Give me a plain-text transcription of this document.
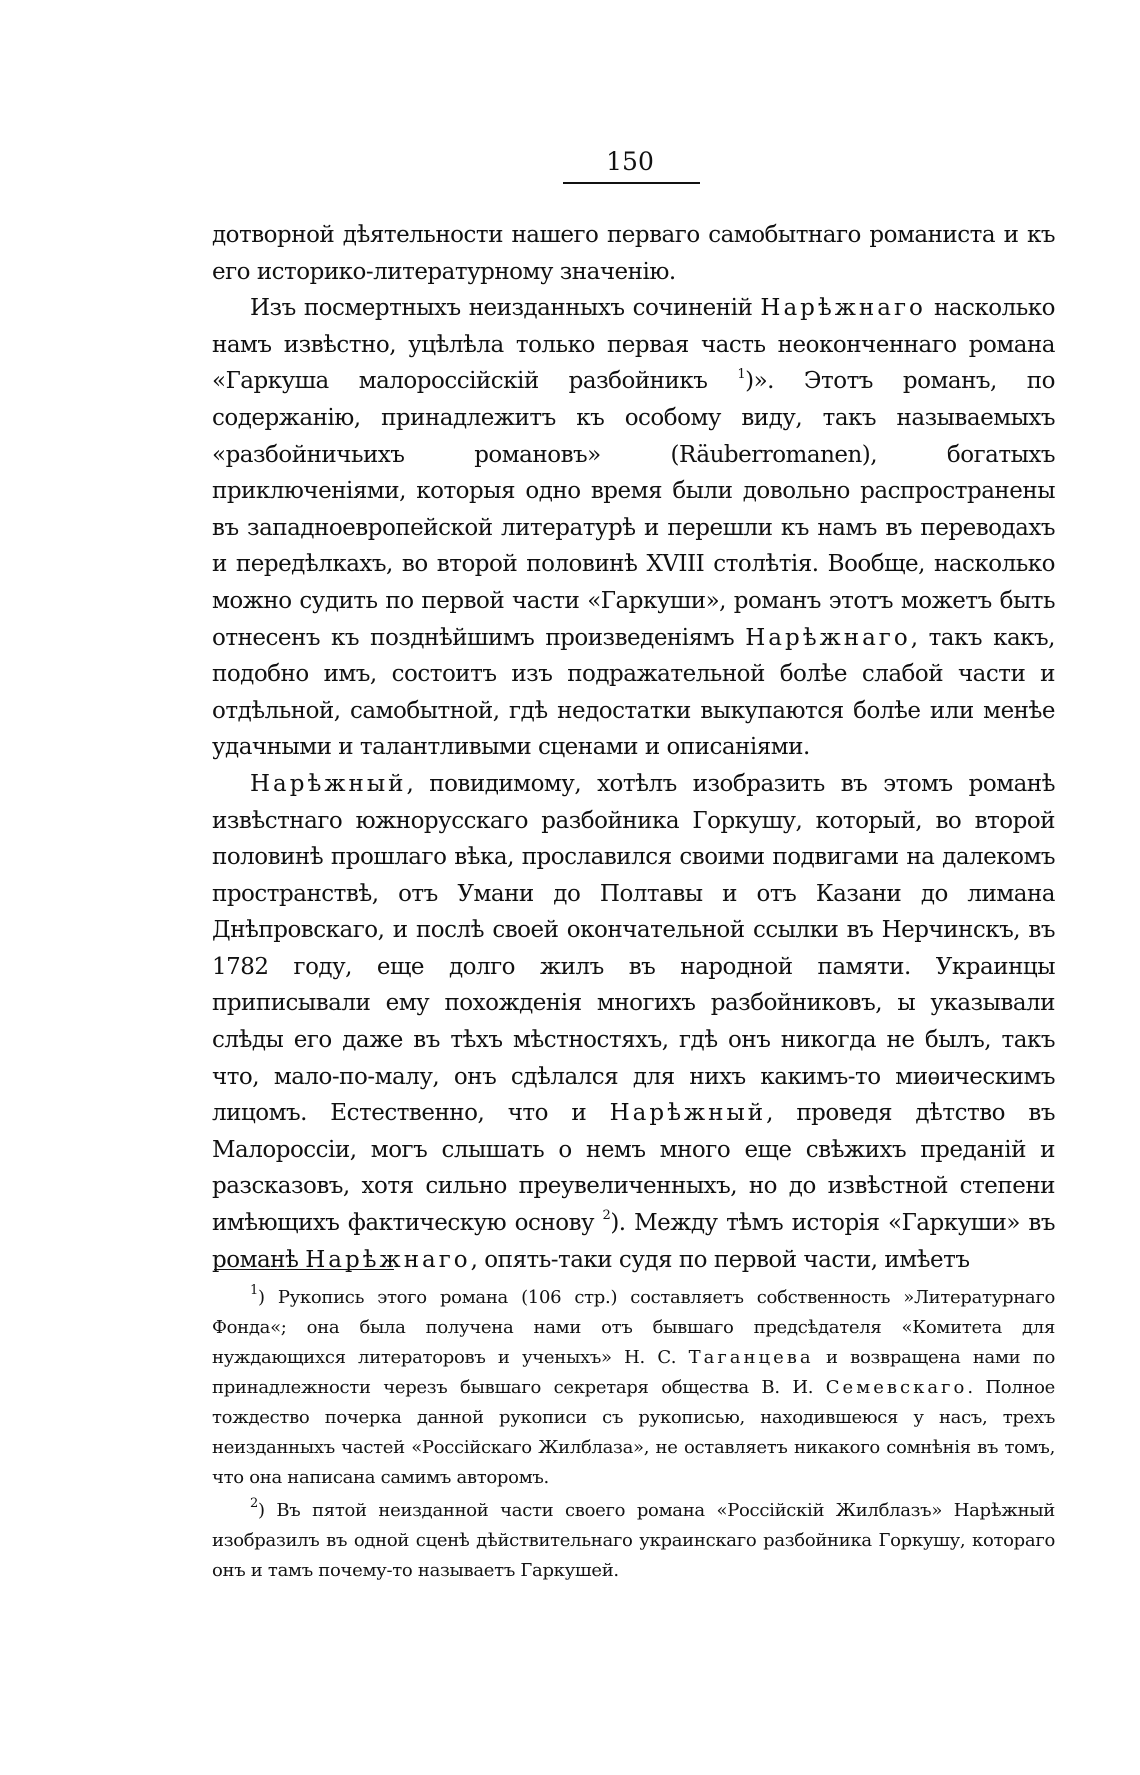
150

дотворной дѣятельности нашего перваго самобытнаго романиста и къ его историко-литературному значенію.

Изъ посмертныхъ неизданныхъ сочиненій Нарѣжнаго насколько намъ извѣстно, уцѣлѣла только первая часть неоконченнаго романа «Гаркуша малороссійскій разбойникъ $^1$)». Этотъ романъ, по содержанію, принадлежитъ къ особому виду, такъ называемыхъ «разбойничьихъ романовъ» (Räuberromanen), богатыхъ приключеніями, которыя одно время были довольно распространены въ западноевропейской литературѣ и перешли къ намъ въ переводахъ и передѣлкахъ, во второй половинѣ XVIII столѣтія. Вообще, насколько можно судить по первой части «Гаркуши», романъ этотъ можетъ быть отнесенъ къ позднѣйшимъ произведеніямъ Нарѣжнаго, такъ какъ, подобно имъ, состоитъ изъ подражательной болѣе слабой части и отдѣльной, самобытной, гдѣ недостатки выкупаются болѣе или менѣе удачными и талантливыми сценами и описаніями.

Нарѣжный, повидимому, хотѣлъ изобразить въ этомъ романѣ извѣстнаго южнорусскаго разбойника Горкушу, который, во второй половинѣ прошлаго вѣка, прославился своими подвигами на далекомъ пространствѣ, отъ Умани до Полтавы и отъ Казани до лимана Днѣпровскаго, и послѣ своей окончательной ссылки въ Нерчинскъ, въ 1782 году, еще долго жилъ въ народной памяти. Украинцы приписывали ему похожденія многихъ разбойниковъ, ы указывали слѣды его даже въ тѣхъ мѣстностяхъ, гдѣ онъ никогда не былъ, такъ что, мало-по-малу, онъ сдѣлался для нихъ какимъ-то миѳическимъ лицомъ. Естественно, что и Нарѣжный, проведя дѣтство въ Малороссіи, могъ слышать о немъ много еще свѣжихъ преданій и разсказовъ, хотя сильно преувеличенныхъ, но до извѣстной степени имѣющихъ фактическую основу $^2$). Между тѣмъ исторія «Гаркуши» въ романѣ Нарѣжнаго, опять-таки судя по первой части, имѣетъ

$^1$) Рукопись этого романа (106 стр.) составляетъ собственность »Литературнаго Фонда«; она была получена нами отъ бывшаго предсѣдателя «Комитета для нуждающихся литераторовъ и ученыхъ» Н. С. Таганцева и возвращена нами по принадлежности черезъ бывшаго секретаря общества В. И. Семевскаго. Полное тождество почерка данной рукописи съ рукописью, находившеюся у насъ, трехъ неизданныхъ частей «Россійскаго Жилблаза», не оставляетъ никакого сомнѣнія въ томъ, что она написана самимъ авторомъ.

$^2$) Въ пятой неизданной части своего романа «Россійскій Жилблазъ» Нарѣжный изобразилъ въ одной сценѣ дѣйствительнаго украинскаго разбойника Горкушу, котораго онъ и тамъ почему-то называетъ Гаркушей.
